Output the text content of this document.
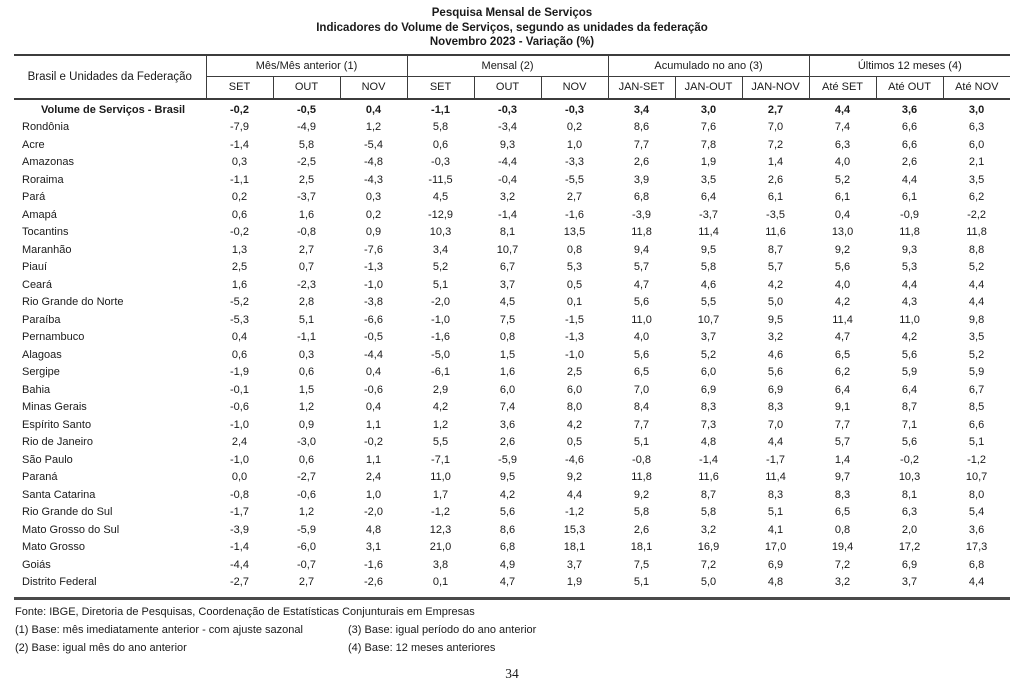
Pesquisa Mensal de Serviços
Indicadores do Volume de Serviços, segundo as unidades da federação
Novembro 2023 - Variação (%)
Brasil e Unidades da Federação	Mês/Mês anterior (1)			Mensal (2)			Acumulado no ano (3)			Últimos 12 meses (4)		
	SET	OUT	NOV	SET	OUT	NOV	JAN-SET	JAN-OUT	JAN-NOV	Até SET	Até OUT	Até NOV
Volume de Serviços - Brasil	-0,2	-0,5	0,4	-1,1	-0,3	-0,3	3,4	3,0	2,7	4,4	3,6	3,0
Rondônia	-7,9	-4,9	1,2	5,8	-3,4	0,2	8,6	7,6	7,0	7,4	6,6	6,3
Acre	-1,4	5,8	-5,4	0,6	9,3	1,0	7,7	7,8	7,2	6,3	6,6	6,0
Amazonas	0,3	-2,5	-4,8	-0,3	-4,4	-3,3	2,6	1,9	1,4	4,0	2,6	2,1
Roraima	-1,1	2,5	-4,3	-11,5	-0,4	-5,5	3,9	3,5	2,6	5,2	4,4	3,5
Pará	0,2	-3,7	0,3	4,5	3,2	2,7	6,8	6,4	6,1	6,1	6,1	6,2
Amapá	0,6	1,6	0,2	-12,9	-1,4	-1,6	-3,9	-3,7	-3,5	0,4	-0,9	-2,2
Tocantins	-0,2	-0,8	0,9	10,3	8,1	13,5	11,8	11,4	11,6	13,0	11,8	11,8
Maranhão	1,3	2,7	-7,6	3,4	10,7	0,8	9,4	9,5	8,7	9,2	9,3	8,8
Piauí	2,5	0,7	-1,3	5,2	6,7	5,3	5,7	5,8	5,7	5,6	5,3	5,2
Ceará	1,6	-2,3	-1,0	5,1	3,7	0,5	4,7	4,6	4,2	4,0	4,4	4,4
Rio Grande do Norte	-5,2	2,8	-3,8	-2,0	4,5	0,1	5,6	5,5	5,0	4,2	4,3	4,4
Paraíba	-5,3	5,1	-6,6	-1,0	7,5	-1,5	11,0	10,7	9,5	11,4	11,0	9,8
Pernambuco	0,4	-1,1	-0,5	-1,6	0,8	-1,3	4,0	3,7	3,2	4,7	4,2	3,5
Alagoas	0,6	0,3	-4,4	-5,0	1,5	-1,0	5,6	5,2	4,6	6,5	5,6	5,2
Sergipe	-1,9	0,6	0,4	-6,1	1,6	2,5	6,5	6,0	5,6	6,2	5,9	5,9
Bahia	-0,1	1,5	-0,6	2,9	6,0	6,0	7,0	6,9	6,9	6,4	6,4	6,7
Minas Gerais	-0,6	1,2	0,4	4,2	7,4	8,0	8,4	8,3	8,3	9,1	8,7	8,5
Espírito Santo	-1,0	0,9	1,1	1,2	3,6	4,2	7,7	7,3	7,0	7,7	7,1	6,6
Rio de Janeiro	2,4	-3,0	-0,2	5,5	2,6	0,5	5,1	4,8	4,4	5,7	5,6	5,1
São Paulo	-1,0	0,6	1,1	-7,1	-5,9	-4,6	-0,8	-1,4	-1,7	1,4	-0,2	-1,2
Paraná	0,0	-2,7	2,4	11,0	9,5	9,2	11,8	11,6	11,4	9,7	10,3	10,7
Santa Catarina	-0,8	-0,6	1,0	1,7	4,2	4,4	9,2	8,7	8,3	8,3	8,1	8,0
Rio Grande do Sul	-1,7	1,2	-2,0	-1,2	5,6	-1,2	5,8	5,8	5,1	6,5	6,3	5,4
Mato Grosso do Sul	-3,9	-5,9	4,8	12,3	8,6	15,3	2,6	3,2	4,1	0,8	2,0	3,6
Mato Grosso	-1,4	-6,0	3,1	21,0	6,8	18,1	18,1	16,9	17,0	19,4	17,2	17,3
Goiás	-4,4	-0,7	-1,6	3,8	4,9	3,7	7,5	7,2	6,9	7,2	6,9	6,8
Distrito Federal	-2,7	2,7	-2,6	0,1	4,7	1,9	5,1	5,0	4,8	3,2	3,7	4,4
Fonte: IBGE, Diretoria de Pesquisas, Coordenação de Estatísticas Conjunturais em Empresas
(1) Base: mês imediatamente anterior - com ajuste sazonal	(3) Base: igual período do ano anterior
(2) Base: igual mês do ano anterior	(4) Base: 12 meses anteriores
34
